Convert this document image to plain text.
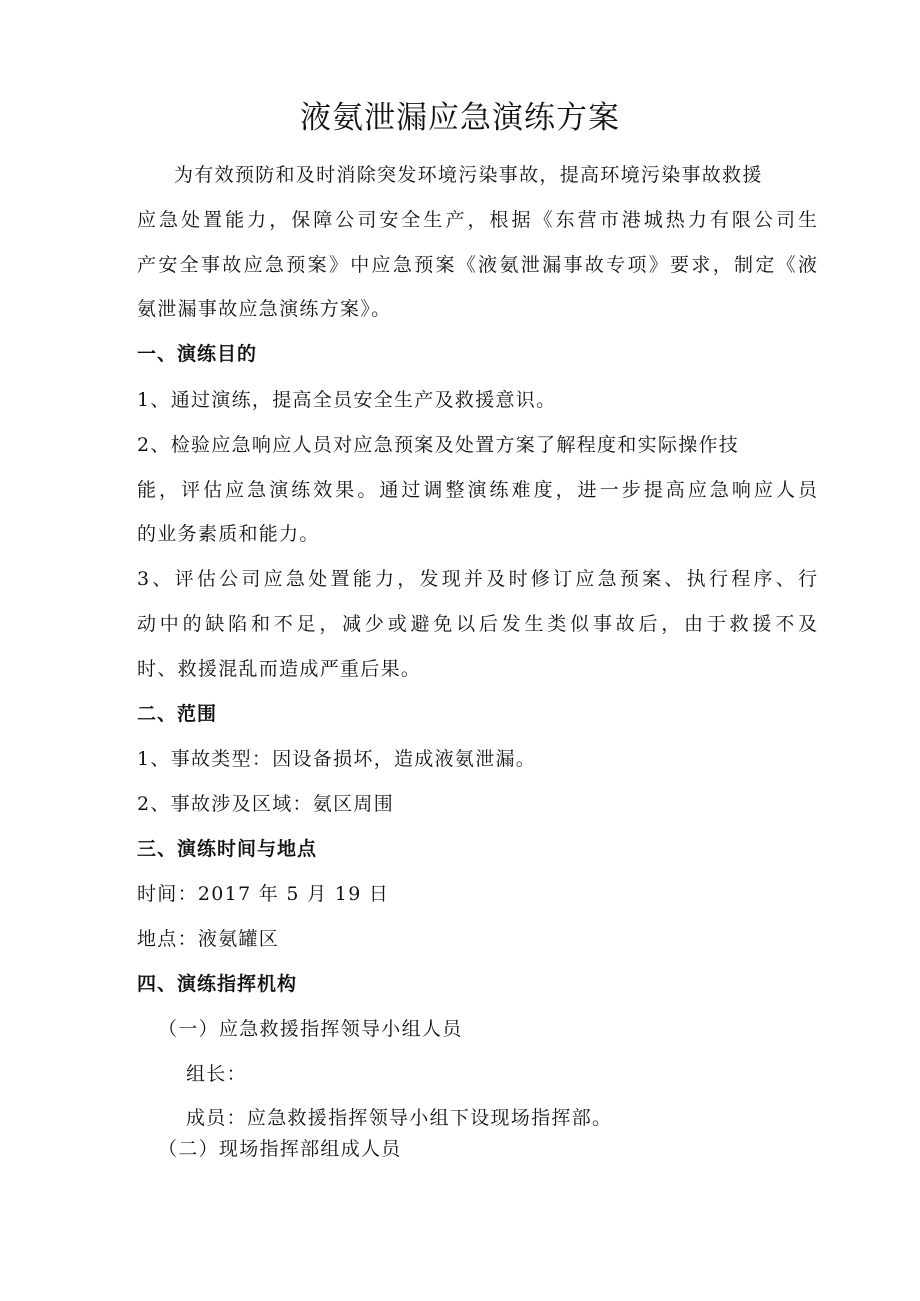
液氨泄漏应急演练方案
为有效预防和及时消除突发环境污染事故，提高环境污染事故救援
应急处置能力，保障公司安全生产，根据《东营市港城热力有限公司生
产安全事故应急预案》中应急预案《液氨泄漏事故专项》要求，制定《液
氨泄漏事故应急演练方案》。
一、演练目的
1、通过演练，提高全员安全生产及救援意识。
2、检验应急响应人员对应急预案及处置方案了解程度和实际操作技
能，评估应急演练效果。通过调整演练难度，进一步提高应急响应人员
的业务素质和能力。
3、评估公司应急处置能力，发现并及时修订应急预案、执行程序、行
动中的缺陷和不足，减少或避免以后发生类似事故后，由于救援不及
时、救援混乱而造成严重后果。
二、范围
1、事故类型：因设备损坏，造成液氨泄漏。
2、事故涉及区域：氨区周围
三、演练时间与地点
时间：2017 年 5 月 19 日
地点：液氨罐区
四、演练指挥机构
（一）应急救援指挥领导小组人员
组长：
成员：应急救援指挥领导小组下设现场指挥部。
（二）现场指挥部组成人员
